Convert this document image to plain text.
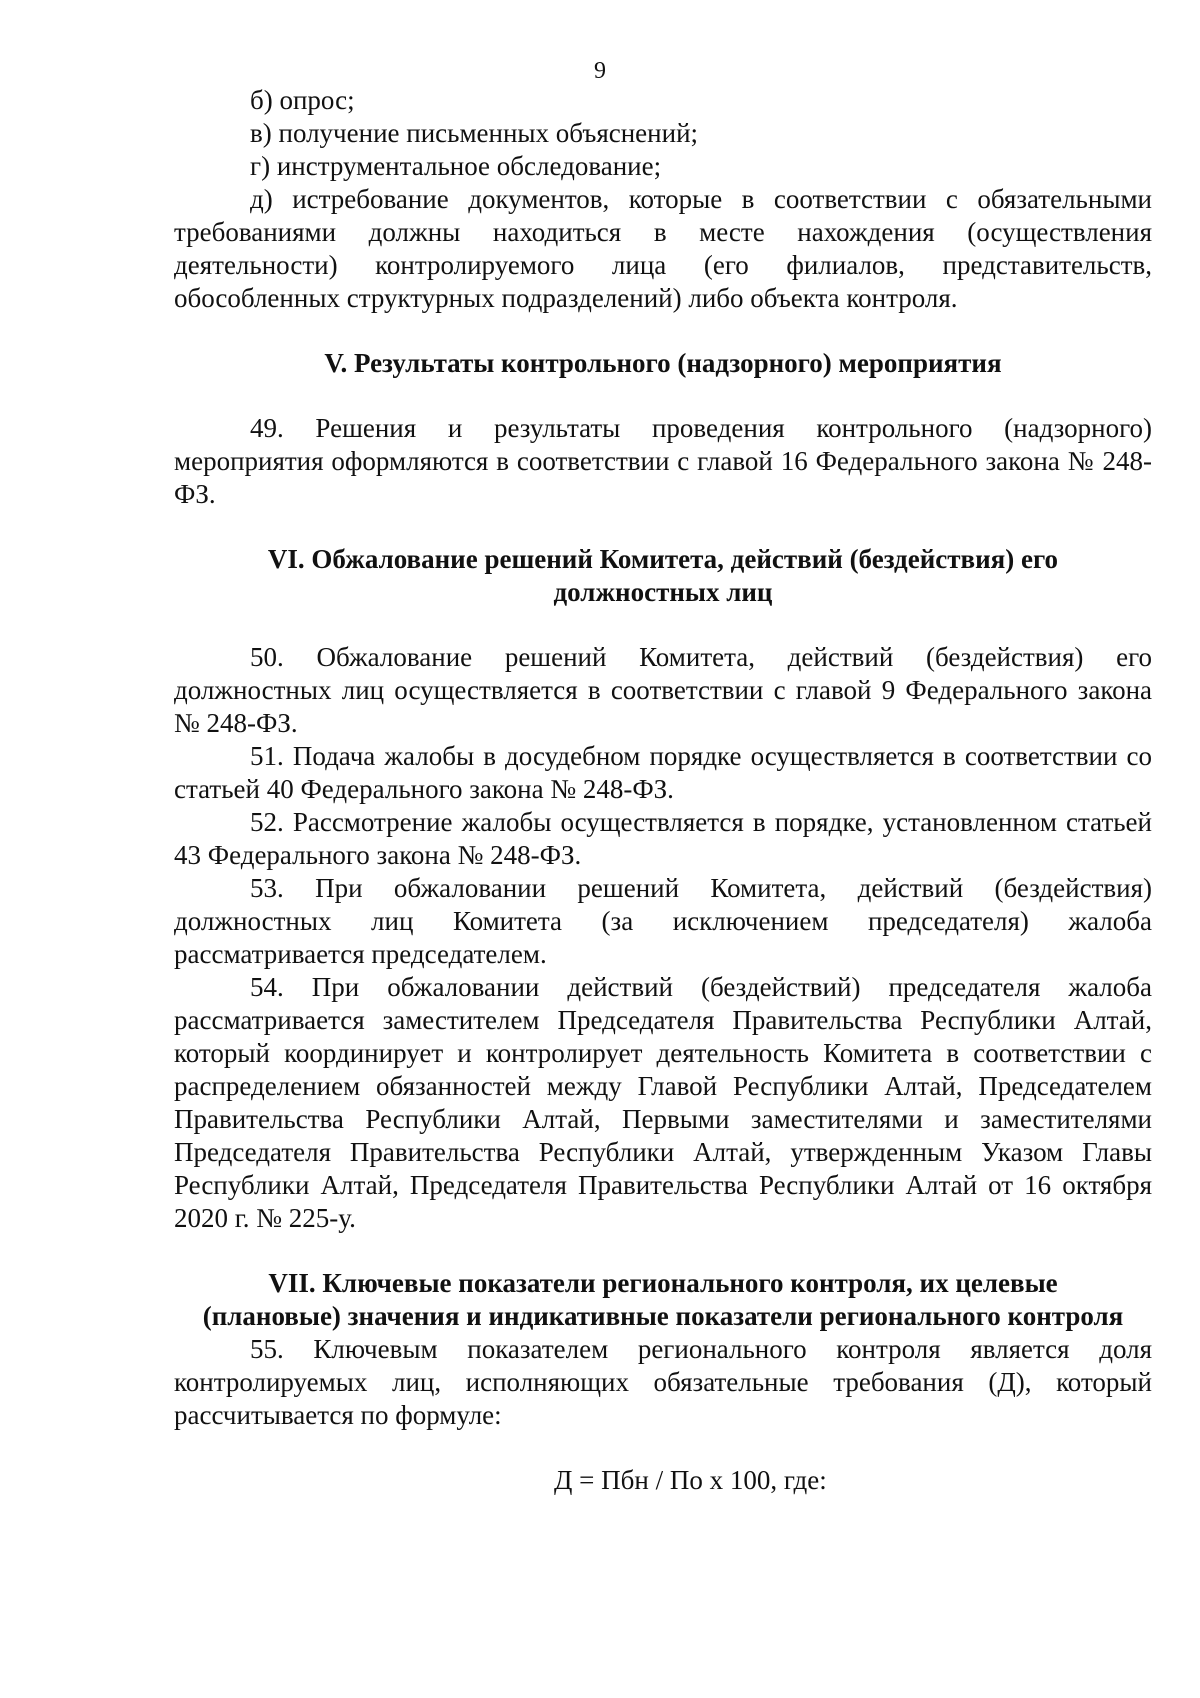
9

б) опрос;

в) получение письменных объяснений;

г) инструментальное обследование;

д) истребование документов, которые в соответствии с обязательными требованиями должны находиться в месте нахождения (осуществления деятельности) контролируемого лица (его филиалов, представительств, обособленных структурных подразделений) либо объекта контроля.

V. Результаты контрольного (надзорного) мероприятия

49. Решения и результаты проведения контрольного (надзорного) мероприятия оформляются в соответствии с главой 16 Федерального закона № 248-ФЗ.

VI. Обжалование решений Комитета, действий (бездействия) его

должностных лиц

50. Обжалование решений Комитета, действий (бездействия) его должностных лиц осуществляется в соответствии с главой 9 Федерального закона № 248-ФЗ.

51. Подача жалобы в досудебном порядке осуществляется в соответствии со статьей 40 Федерального закона № 248-ФЗ.

52. Рассмотрение жалобы осуществляется в порядке, установленном статьей 43 Федерального закона № 248-ФЗ.

53. При обжаловании решений Комитета, действий (бездействия) должностных лиц Комитета (за исключением председателя) жалоба рассматривается председателем.

54. При обжаловании действий (бездействий) председателя жалоба рассматривается заместителем Председателя Правительства Республики Алтай, который координирует и контролирует деятельность Комитета в соответствии с распределением обязанностей между Главой Республики Алтай, Председателем Правительства Республики Алтай, Первыми заместителями и заместителями Председателя Правительства Республики Алтай, утвержденным Указом Главы Республики Алтай, Председателя Правительства Республики Алтай от 16 октября 2020 г. № 225-у.

VII. Ключевые показатели регионального контроля, их целевые

(плановые) значения и индикативные показатели регионального контроля

55. Ключевым показателем регионального контроля является доля контролируемых лиц, исполняющих обязательные требования (Д), который рассчитывается по формуле:

Д = Пбн / По х 100, где:
